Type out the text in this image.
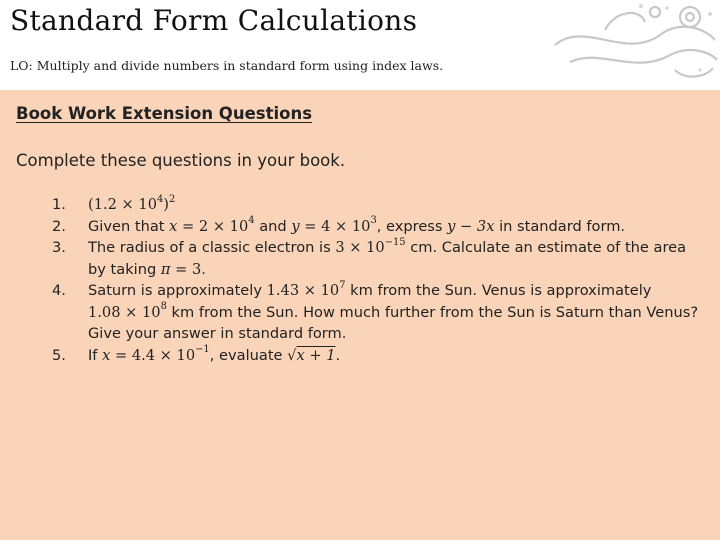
Standard Form Calculations
LO: Multiply and divide numbers in standard form using index laws.
Book Work Extension Questions
Complete these questions in your book.
1.	$(1.2 \times 10^4)^2$
2.	Given that $x = 2 \times 10^4$ and $y = 4 \times 10^3$, express y − 3x in standard form.
3.	The radius of a classic electron is $3 \times 10^{-15}$ cm. Calculate an estimate of the area
by taking π = 3.
4.	Saturn is approximately $1.43 \times 10^7$ km from the Sun. Venus is approximately
$1.08 \times 10^8$ km from the Sun. How much further from the Sun is Saturn than Venus?
Give your answer in standard form.
5.	If $x = 4.4 \times 10^{-1}$, evaluate √x + 1.
